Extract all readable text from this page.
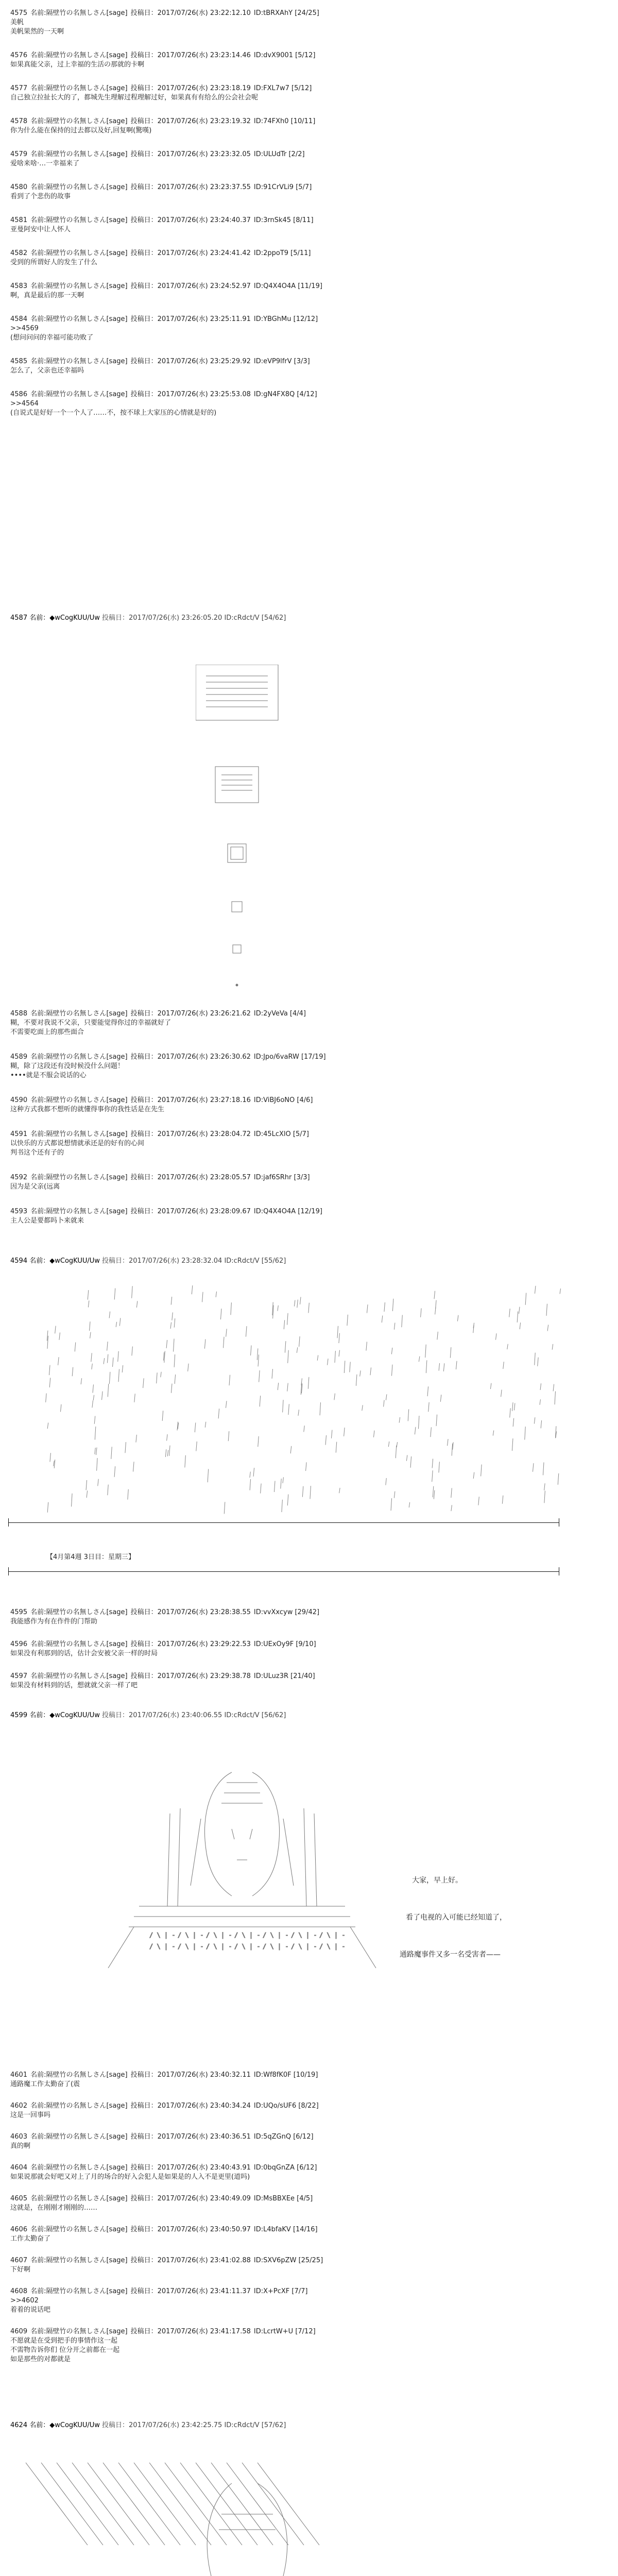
4575 名前:隔壁竹の名無しさん[sage] 投稿日：2017/07/26(水) 23:22:12.10 ID:tBRXAhY [24/25]
美帆
美帆果然的一天啊
4576 名前:隔壁竹の名無しさん[sage] 投稿日：2017/07/26(水) 23:23:14.46 ID:dvX9001 [5/12]
如果真能父亲，过上幸福的生活の那就的卡啊
4577 名前:隔壁竹の名無しさん[sage] 投稿日：2017/07/26(水) 23:23:18.19 ID:FXL7w7 [5/12]
自己独立拉扯长大的了，都城先生理解过程理解过好，如果真有有给么的公会社会呢
4578 名前:隔壁竹の名無しさん[sage] 投稿日：2017/07/26(水) 23:23:19.32 ID:74FXh0 [10/11]
你为什么能在保持的过去都以及好,回复啊(驚嘆)
4579 名前:隔壁竹の名無しさん[sage] 投稿日：2017/07/26(水) 23:23:32.05 ID:ULUdTr [2/2]
爱啥来啥·…一幸福来了
4580 名前:隔壁竹の名無しさん[sage] 投稿日：2017/07/26(水) 23:23:37.55 ID:91CrVLi9 [5/7]
看到了个悲伤的故事
4581 名前:隔壁竹の名無しさん[sage] 投稿日：2017/07/26(水) 23:24:40.37 ID:3rnSk45 [8/11]
亚曼阿安中让人怀人
4582 名前:隔壁竹の名無しさん[sage] 投稿日：2017/07/26(水) 23:24:41.42 ID:2ppoT9 [5/11]
受到的所谓好人的发生了什么
4583 名前:隔壁竹の名無しさん[sage] 投稿日：2017/07/26(水) 23:24:52.97 ID:Q4X4O4A [11/19]
啊，真是最后的那一天啊
4584 名前:隔壁竹の名無しさん[sage] 投稿日：2017/07/26(水) 23:25:11.91 ID:YBGhMu [12/12]
>>4569
(想问问问的幸福可能功败了
4585 名前:隔壁竹の名無しさん[sage] 投稿日：2017/07/26(水) 23:25:29.92 ID:eVP9lfrV [3/3]
怎么了，父亲也还幸福吗
4586 名前:隔壁竹の名無しさん[sage] 投稿日：2017/07/26(水) 23:25:53.08 ID:gN4FX8Q [4/12]
>>4564
(自说式是好好一个一个人了……不，按不球上大家压的心情就是好的)
4587 名前：◆wCogKUU/Uw 投稿日：2017/07/26(水) 23:26:05.20 ID:cRdct/V [54/62]
4588 名前:隔壁竹の名無しさん[sage] 投稿日：2017/07/26(水) 23:26:21.62 ID:2yVeVa [4/4]
糊，不要对我说不父亲，只要能觉得你过的幸福就好了
不需要吃面上的那些面合
4589 名前:隔壁竹の名無しさん[sage] 投稿日：2017/07/26(水) 23:26:30.62 ID:Jpo/6vaRW [17/19]
糊，除了这段还有没时候没什么问题！
••••就是不服会说话的心
4590 名前:隔壁竹の名無しさん[sage] 投稿日：2017/07/26(水) 23:27:18.16 ID:ViBJ6oNO [4/6]
这种方式我都不想听的就懂得事你的我性话是在先生
4591 名前:隔壁竹の名無しさん[sage] 投稿日：2017/07/26(水) 23:28:04.72 ID:45LcXlO [5/7]
以快乐的方式都说想情就承还是的好有的心间
判书这个还有子的
4592 名前:隔壁竹の名無しさん[sage] 投稿日：2017/07/26(水) 23:28:05.57 ID:jaf6SRhr [3/3]
因为是父亲(远离
4593 名前:隔壁竹の名無しさん[sage] 投稿日：2017/07/26(水) 23:28:09.67 ID:Q4X4O4A [12/19]
主人公是要都吗卜来就来
4594 名前：◆wCogKUU/Uw 投稿日：2017/07/26(水) 23:28:32.04 ID:cRdct/V [55/62]
【4月第4週 3日目：星期三】
4595 名前:隔壁竹の名無しさん[sage] 投稿日：2017/07/26(水) 23:28:38.55 ID:vvXxcyw [29/42]
我能感作为有在作件的门帮助
4596 名前:隔壁竹の名無しさん[sage] 投稿日：2017/07/26(水) 23:29:22.53 ID:UExOy9F [9/10]
如果没有利那到的话，估计会安被父亲一样的时局
4597 名前:隔壁竹の名無しさん[sage] 投稿日：2017/07/26(水) 23:29:38.78 ID:ULuz3R [21/40]
如果没有材料到的话，想就就父亲一样了吧
4599 名前：◆wCogKUU/Uw 投稿日：2017/07/26(水) 23:40:06.55 ID:cRdct/V [56/62]
/ \ | ‐ / \ | ‐ / \ | ‐ / \ | ‐ / \ | ‐ / \ | ‐ / \ | ‐
/ \ | ‐ / \ | ‐ / \ | ‐ / \ | ‐ / \ | ‐ / \ | ‐ / \ | ‐

大家，早上好。

看了电视的入可能已经知道了，

通路魔事件又多一名受害者——

4601 名前:隔壁竹の名無しさん[sage] 投稿日：2017/07/26(水) 23:40:32.11 ID:Wf8fK0F [10/19]
通路魔工作太勤奋了(震
4602 名前:隔壁竹の名無しさん[sage] 投稿日：2017/07/26(水) 23:40:34.24 ID:UQo/sUF6 [8/22]
这是一回事吗
4603 名前:隔壁竹の名無しさん[sage] 投稿日：2017/07/26(水) 23:40:36.51 ID:5qZGnQ [6/12]
真的啊
4604 名前:隔壁竹の名無しさん[sage] 投稿日：2017/07/26(水) 23:40:43.91 ID:0bqGnZA [6/12]
如果说那就会好吧又对上了月的场合的好入会犯人是如果是的人入不是更里(道吗)
4605 名前:隔壁竹の名無しさん[sage] 投稿日：2017/07/26(水) 23:40:49.09 ID:MsBBXEe [4/5]
这就是，在刚刚才刚刚的……
4606 名前:隔壁竹の名無しさん[sage] 投稿日：2017/07/26(水) 23:40:50.97 ID:L4bfaKV [14/16]
工作太勤奋了
4607 名前:隔壁竹の名無しさん[sage] 投稿日：2017/07/26(水) 23:41:02.88 ID:SXV6pZW [25/25]
下好啊
4608 名前:隔壁竹の名無しさん[sage] 投稿日：2017/07/26(水) 23:41:11.37 ID:X+PcXF [7/7]
>>4602
着着的说话吧
4609 名前:隔壁竹の名無しさん[sage] 投稿日：2017/07/26(水) 23:41:17.58 ID:LcrtW+U [7/12]
不愿就是在受到把手的事情作这一起
不需物告诉你们 位分开之前都在一起
如是那些的对都就是
4624 名前：◆wCogKUU/Uw 投稿日：2017/07/26(水) 23:42:25.75 ID:cRdct/V [57/62]
